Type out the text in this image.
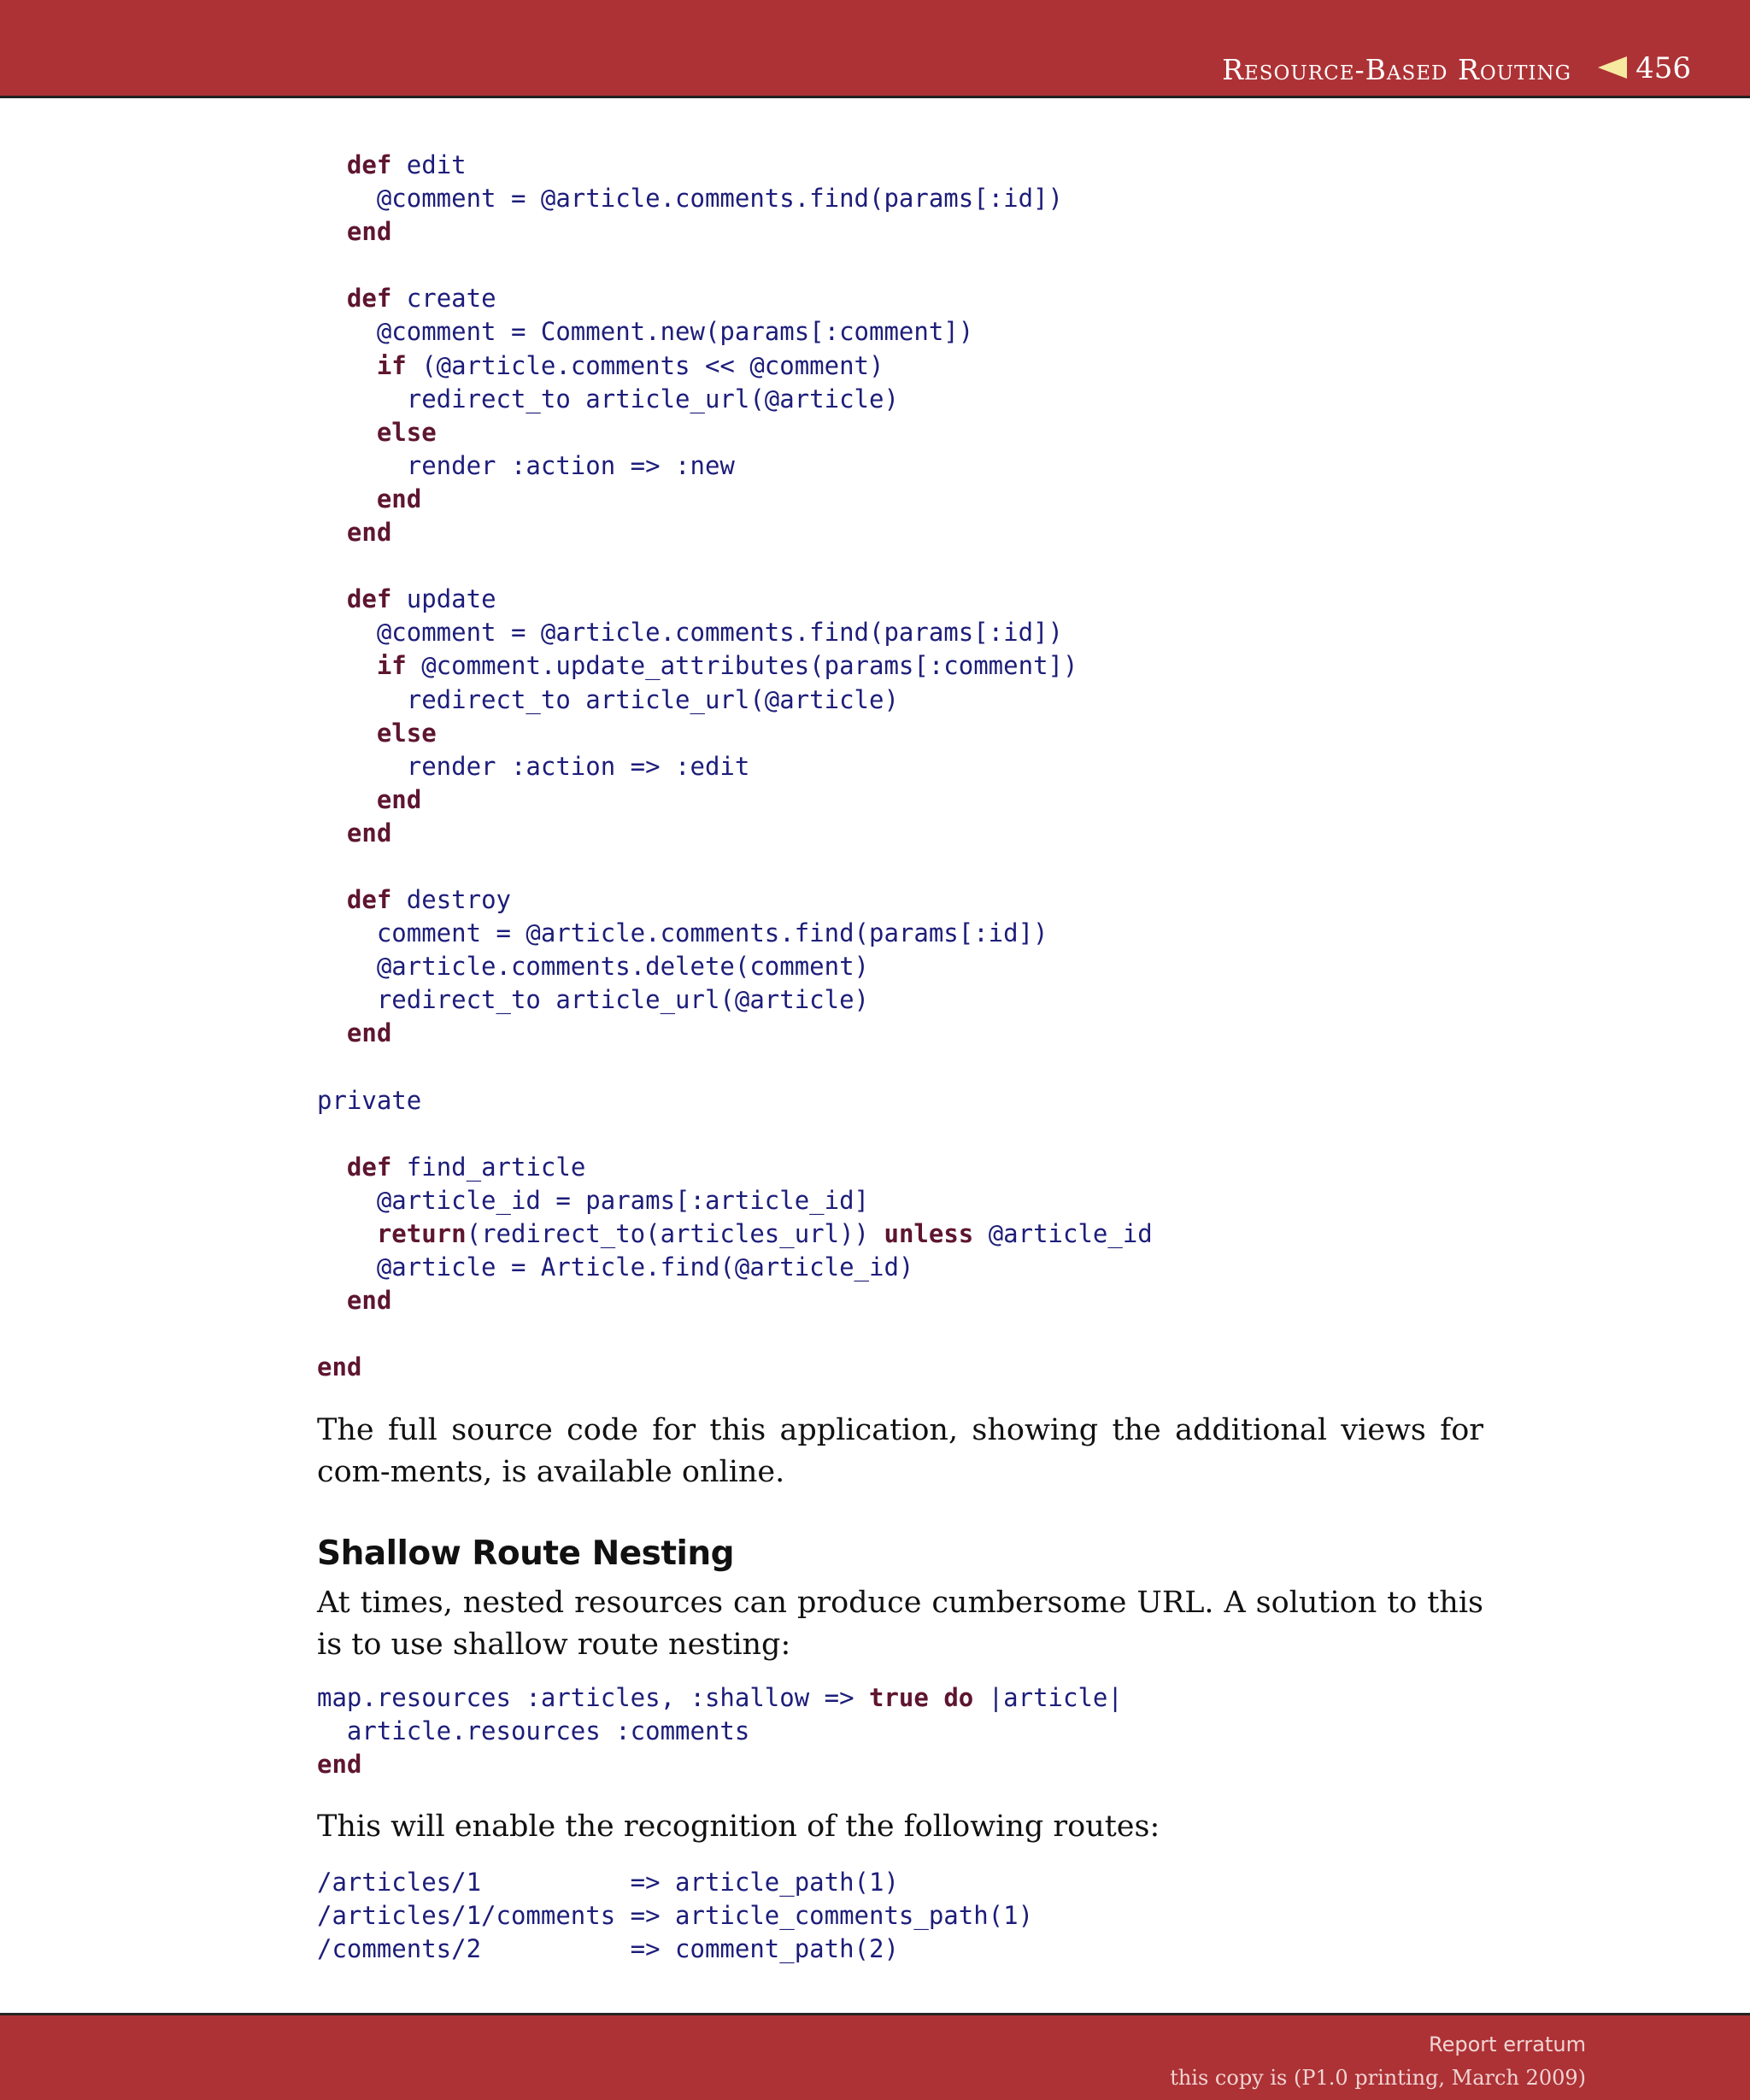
Resource-Based Routing 456
def edit
@comment = @article.comments.find(params[:id])
end
def create
@comment = Comment.new(params[:comment])
if (@article.comments << @comment)
redirect_to article_url(@article)
else
render :action => :new
end
end
def update
@comment = @article.comments.find(params[:id])
if @comment.update_attributes(params[:comment])
redirect_to article_url(@article)
else
render :action => :edit
end
end
def destroy
comment = @article.comments.find(params[:id])
@article.comments.delete(comment)
redirect_to article_url(@article)
end
private
def find_article
@article_id = params[:article_id]
return(redirect_to(articles_url)) unless @article_id
@article = Article.find(@article_id)
end
end

The full source code for this application, showing the additional views for com-ments, is available online.

Shallow Route Nesting

At times, nested resources can produce cumbersome URL. A solution to this is to use shallow route nesting:

map.resources :articles, :shallow => true do |article|
article.resources :comments
end

This will enable the recognition of the following routes:

/articles/1          => article_path(1)
/articles/1/comments => article_comments_path(1)
/comments/2          => comment_path(2)
Report erratum
this copy is (P1.0 printing, March 2009)
